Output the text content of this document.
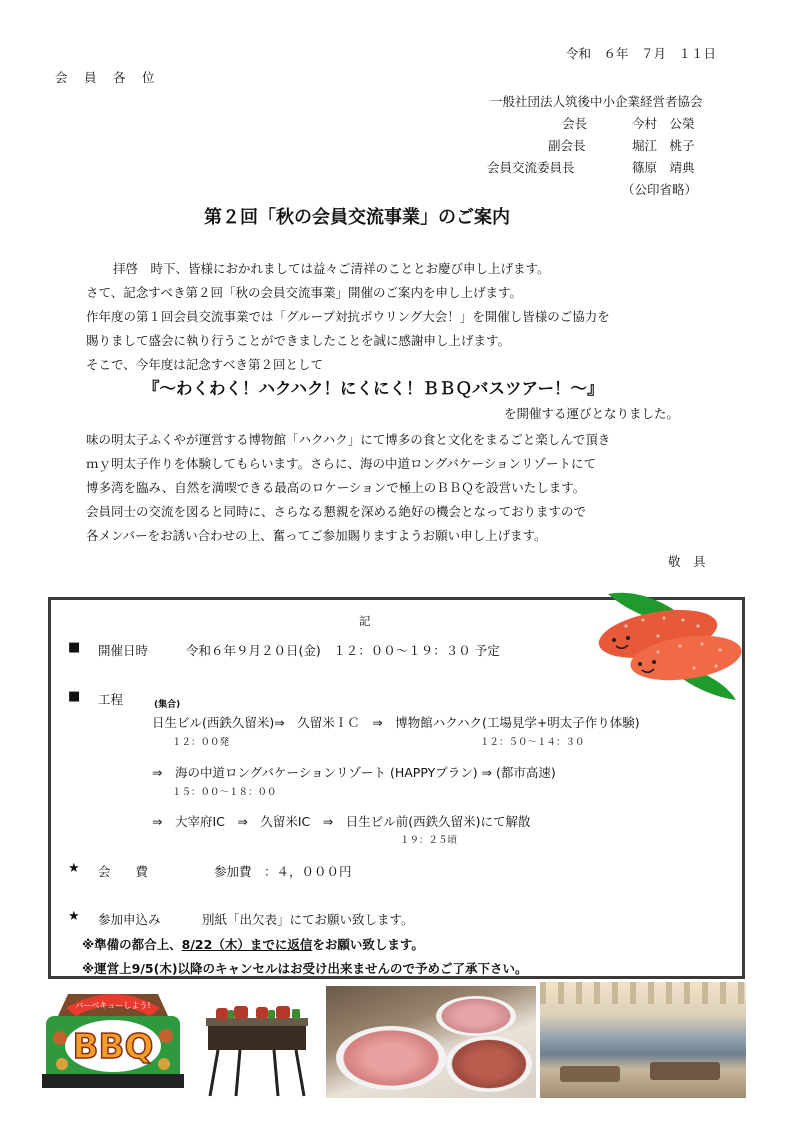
令和　６年　７月　１１日
会　員　各　位
一般社団法人筑後中小企業経営者協会
会長	今村　公榮
副会長	堀江　桃子
会員交流委員長	篠原　靖典
（公印省略）
第２回「秋の会員交流事業」のご案内
拝啓　時下、皆様におかれましては益々ご清祥のこととお慶び申し上げます。
さて、記念すべき第２回「秋の会員交流事業」開催のご案内を申し上げます。
作年度の第１回会員交流事業では「グループ対抗ボウリング大会！」を開催し皆様のご協力を
賜りまして盛会に執り行うことができましたことを誠に感謝申し上げます。
そこで、今年度は記念すべき第２回として
『～わくわく！ハクハク！にくにく！ＢＢＱバスツアー！～』
を開催する運びとなりました。
味の明太子ふくやが運営する博物館「ハクハク」にて博多の食と文化をまるごと楽しんで頂き
ｍｙ明太子作りを体験してもらいます。さらに、海の中道ロングバケーションリゾートにて
博多湾を臨み、自然を満喫できる最高のロケーションで極上のＢＢＱを設営いたします。
会員同士の交流を図ると同時に、さらなる懇親を深める絶好の機会となっておりますので
各メンバーをお誘い合わせの上、奮ってご参加賜りますようお願い申し上げます。
敬　具
記
■ 開催日時	令和６年９月２０日(金)　１２：００～１９：３０ 予定
■ 工程	(集合)
日生ビル(西鉄久留米)⇒　久留米ＩＣ　⇒　博物館ハクハク(工場見学+明太子作り体験)
１２：００発	１２：５０～１４：３０
⇒　海の中道ロングバケーションリゾート (HAPPYプラン) ⇒ (都市高速)
１５：００～１８：００
⇒　大宰府IC　⇒　久留米IC　⇒　日生ビル前(西鉄久留米)にて解散
１９：２５頃
★ 会　　費	参加費　：４，０００円
★ 参加申込み	別紙「出欠表」にてお願い致します。
※準備の都合上、8/22（木）までに返信をお願い致します。
※運営上9/5(木)以降のキャンセルはお受け出来ませんので予めご了承下さい。
バーベキューしよう!
BBQ
